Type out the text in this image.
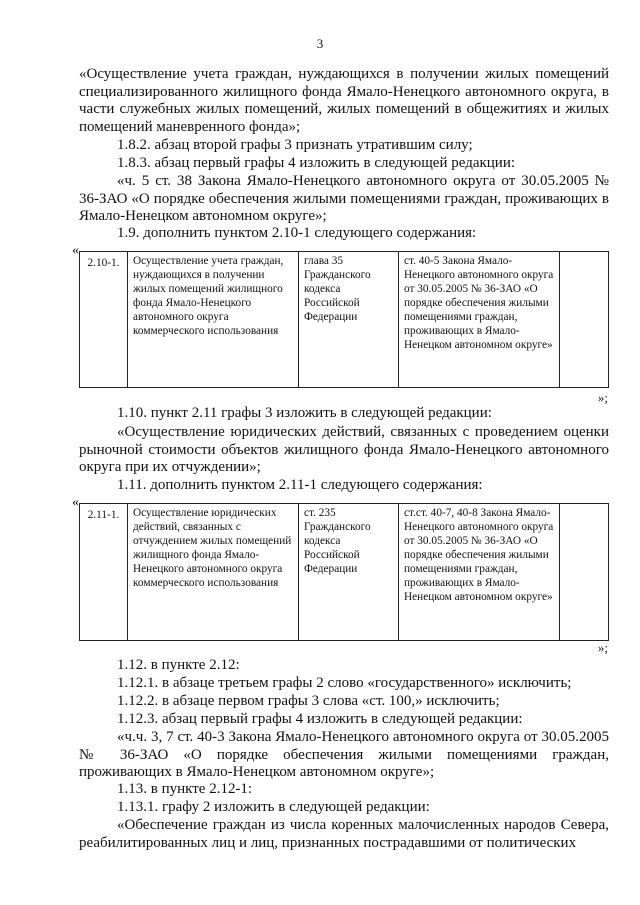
3

«Осуществление учета граждан, нуждающихся в получении жилых помещений специализированного жилищного фонда Ямало-Ненецкого автономного округа, в части служебных жилых помещений, жилых помещений в общежитиях и жилых помещений маневренного фонда»;

1.8.2. абзац второй графы 3 признать утратившим силу;

1.8.3. абзац первый графы 4 изложить в следующей редакции:

«ч. 5 ст. 38 Закона Ямало-Ненецкого автономного округа от 30.05.2005 № 36-ЗАО «О порядке обеспечения жилыми помещениями граждан, проживающих в Ямало-Ненецком автономном округе»;

1.9. дополнить пунктом 2.10-1 следующего содержания:

«
2.10-1.	Осуществление учета граждан, нуждающихся в получении жилых помещений жилищного фонда Ямало-Ненецкого автономного округа коммерческого использования	глава 35 Гражданского кодекса Российской Федерации	ст. 40-5 Закона Ямало-Ненецкого автономного округа от 30.05.2005 № 36-ЗАО «О порядке обеспечения жилыми помещениями граждан, проживающих в Ямало-Ненецком автономном округе»	
»;

1.10. пункт 2.11 графы 3 изложить в следующей редакции:

«Осуществление юридических действий, связанных с проведением оценки рыночной стоимости объектов жилищного фонда Ямало-Ненецкого автономного округа при их отчуждении»;

1.11. дополнить пунктом 2.11-1 следующего содержания:

«
2.11-1.	Осуществление юридических действий, связанных с отчуждением жилых помещений жилищного фонда Ямало-Ненецкого автономного округа коммерческого использования	ст. 235 Гражданского кодекса Российской Федерации	ст.ст. 40-7, 40-8 Закона Ямало-Ненецкого автономного округа от 30.05.2005 № 36-ЗАО «О порядке обеспечения жилыми помещениями граждан, проживающих в Ямало-Ненецком автономном округе»	
»;

1.12. в пункте 2.12:

1.12.1. в абзаце третьем графы 2 слово «государственного» исключить;

1.12.2. в абзаце первом графы 3 слова «ст. 100,» исключить;

1.12.3. абзац первый графы 4 изложить в следующей редакции:

«ч.ч. 3, 7 ст. 40-3 Закона Ямало-Ненецкого автономного округа от 30.05.2005 № 36-ЗАО «О порядке обеспечения жилыми помещениями граждан, проживающих в Ямало-Ненецком автономном округе»;

1.13. в пункте 2.12-1:

1.13.1. графу 2 изложить в следующей редакции:

«Обеспечение граждан из числа коренных малочисленных народов Севера, реабилитированных лиц и лиц, признанных пострадавшими от политических
